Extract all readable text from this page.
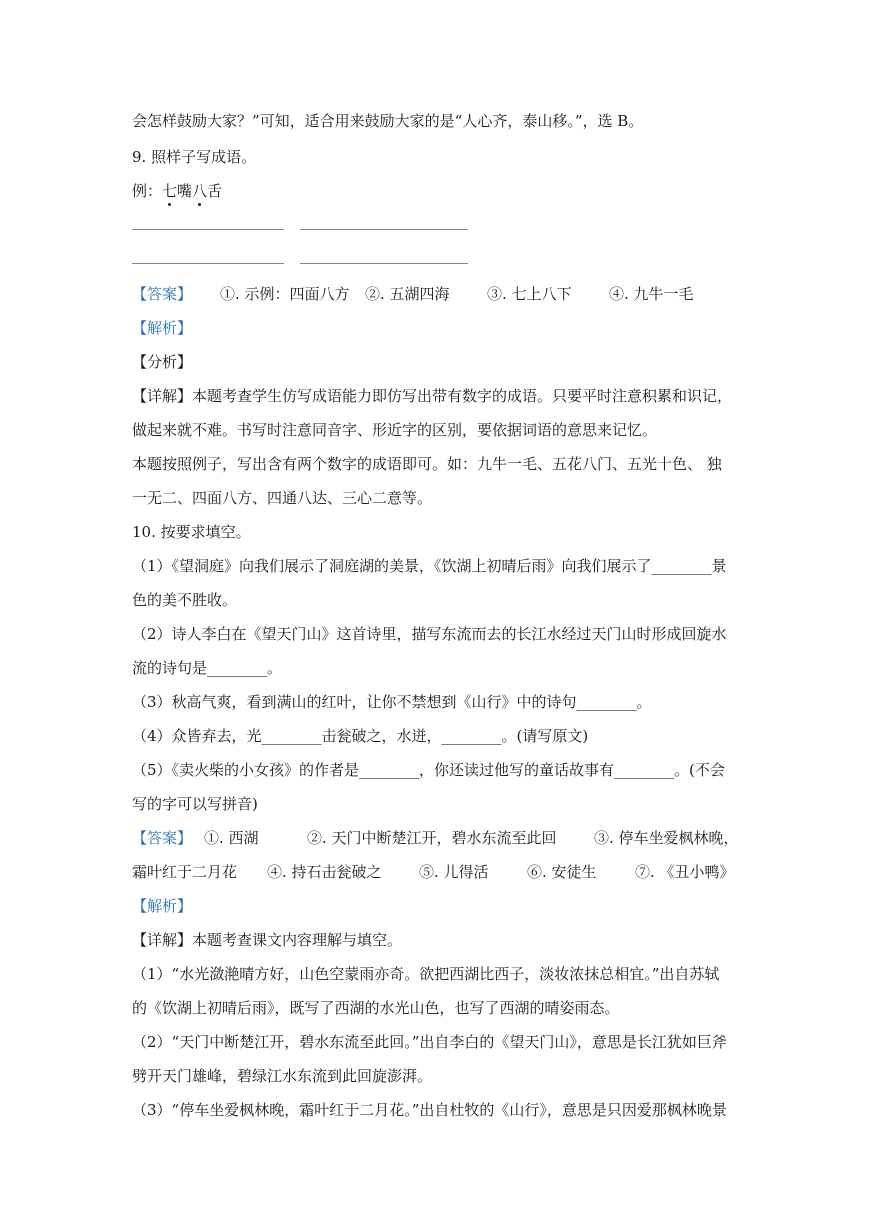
会怎样鼓励大家？”可知，适合用来鼓励大家的是“人心齐，泰山移。”，选 B。
9. 照样子写成语。
例：七嘴八舌
【答案】 ①. 示例：四面八方 ②. 五湖四海 ③. 七上八下 ④. 九牛一毛
【解析】
【分析】
【详解】本题考查学生仿写成语能力即仿写出带有数字的成语。只要平时注意积累和识记，
做起来就不难。书写时注意同音字、形近字的区别，要依据词语的意思来记忆。
本题按照例子，写出含有两个数字的成语即可。如：九牛一毛、五花八门、五光十色、 独
一无二、四面八方、四通八达、三心二意等。
10. 按要求填空。
（1）《望洞庭》向我们展示了洞庭湖的美景，《饮湖上初晴后雨》向我们展示了________景
色的美不胜收。
（2）诗人李白在《望天门山》这首诗里，描写东流而去的长江水经过天门山时形成回旋水
流的诗句是________。
（3）秋高气爽，看到满山的红叶，让你不禁想到《山行》中的诗句________。
（4）众皆弃去，光________击瓮破之，水迸，________。(请写原文)
（5）《卖火柴的小女孩》的作者是________，你还读过他写的童话故事有________。(不会
写的字可以写拼音)
【答案】 ①. 西湖	②. 天门中断楚江开，碧水东流至此回 ③. 停车坐爱枫林晚，
霜叶红于二月花 ④. 持石击瓮破之 ⑤. 儿得活	⑥. 安徒生	⑦. 《丑小鸭》
【解析】
【详解】本题考查课文内容理解与填空。
（1）“水光潋滟晴方好，山色空蒙雨亦奇。欲把西湖比西子，淡妆浓抹总相宜。”出自苏轼
的《饮湖上初晴后雨》，既写了西湖的水光山色，也写了西湖的晴姿雨态。
（2）“天门中断楚江开，碧水东流至此回。”出自李白的《望天门山》，意思是长江犹如巨斧
劈开天门雄峰，碧绿江水东流到此回旋澎湃。
（3）“停车坐爱枫林晚，霜叶红于二月花。”出自杜牧的《山行》，意思是只因爱那枫林晚景
